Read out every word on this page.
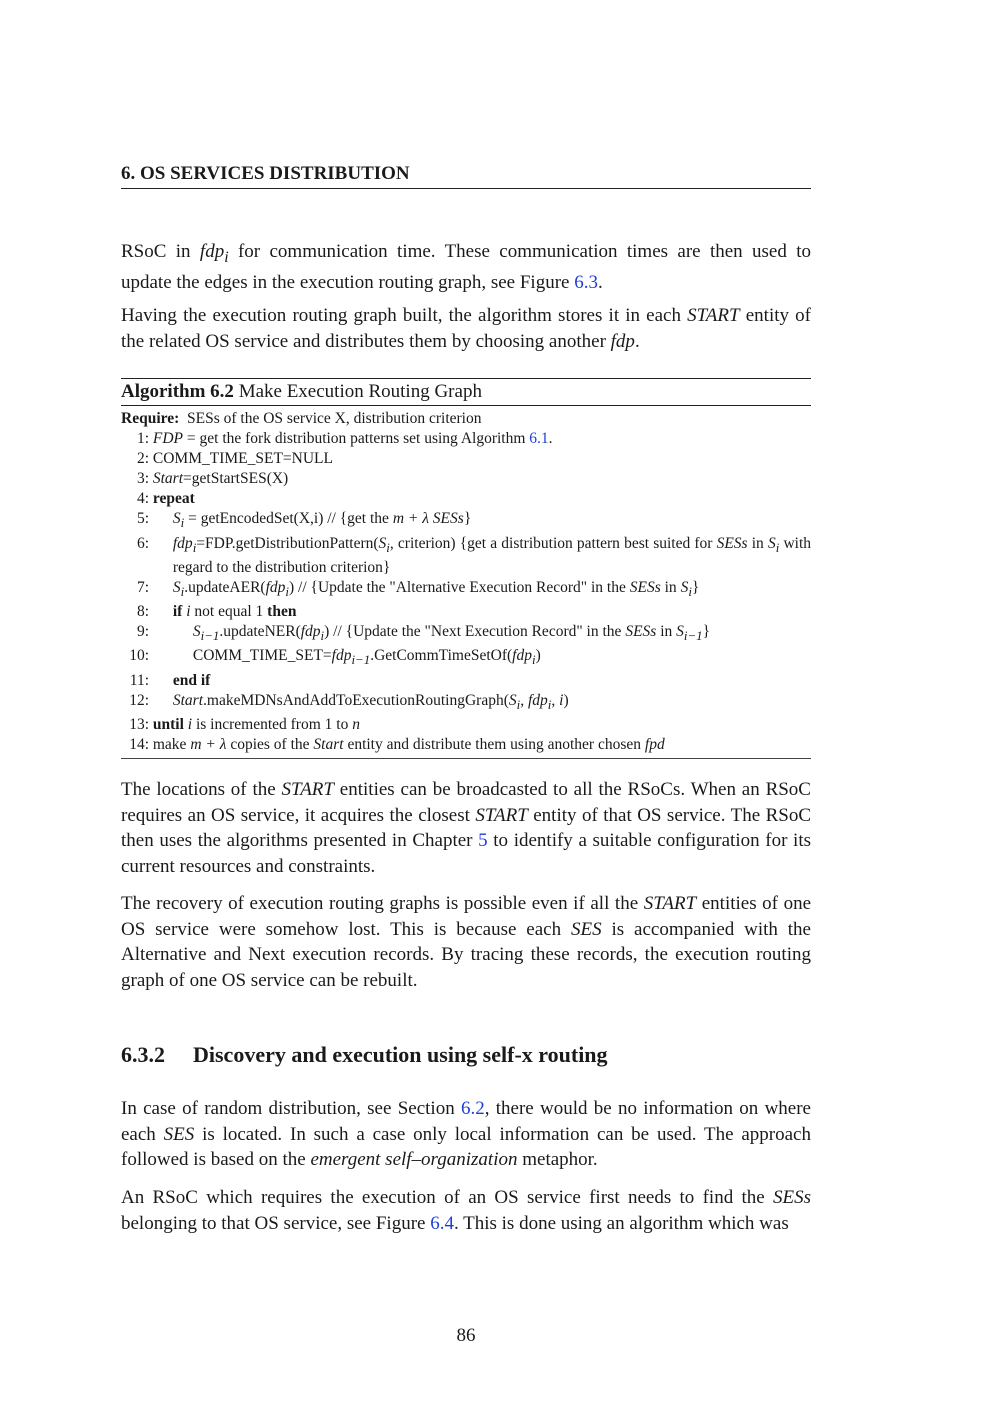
6. OS SERVICES DISTRIBUTION

RSoC in fdp$_i$ for communication time. These communication times are then used to update the edges in the execution routing graph, see Figure 6.3.

Having the execution routing graph built, the algorithm stores it in each START entity of the related OS service and distributes them by choosing another fdp.

Algorithm 6.2 Make Execution Routing Graph
Require:
SESs of the OS service X, distribution criterion
1:
FDP = get the fork distribution patterns set using Algorithm 6.1.
2:
COMM_TIME_SET=NULL
3:
Start=getStartSES(X)
4:
repeat
5:
	$S_i$ = getEncodedSet(X,i) // {get the m + λ SESs}
6:
	$fdp_i=FDP.getDistributionPattern(S_i$, criterion) {get a distribution pattern best suited for SESs in $S_i$ with regard to the distribution criterion}
7:
	$S_i.updateAER(fdp_i)$ // {Update the "Alternative Execution Record" in the SESs in $S_i$}
8:
	if i not equal 1 then
9:
	$S_{i-1}.updateNER(fdp_i)$ // {Update the "Next Execution Record" in the SESs in $S_{i-1}$}
10:
	COMM_TIME_SET=fdp$_{i-1}$.GetCommTimeSetOf(fdp$_i$)
11:
	end if
12:
	$Start.makeMDNsAndAddToExecutionRoutingGraph(S_i$, fdp$_i$, i)
13:
until i is incremented from 1 to n
14:
make m + λ copies of the Start entity and distribute them using another chosen fpd

The locations of the START entities can be broadcasted to all the RSoCs. When an RSoC requires an OS service, it acquires the closest START entity of that OS service. The RSoC then uses the algorithms presented in Chapter 5 to identify a suitable configuration for its current resources and constraints.

The recovery of execution routing graphs is possible even if all the START entities of one OS service were somehow lost. This is because each SES is accompanied with the Alternative and Next execution records. By tracing these records, the execution routing graph of one OS service can be rebuilt.

6.3.2	Discovery and execution using self-x routing

In case of random distribution, see Section 6.2, there would be no information on where each SES is located. In such a case only local information can be used. The approach followed is based on the emergent self–organization metaphor.

An RSoC which requires the execution of an OS service first needs to find the SESs belonging to that OS service, see Figure 6.4. This is done using an algorithm which was

86
